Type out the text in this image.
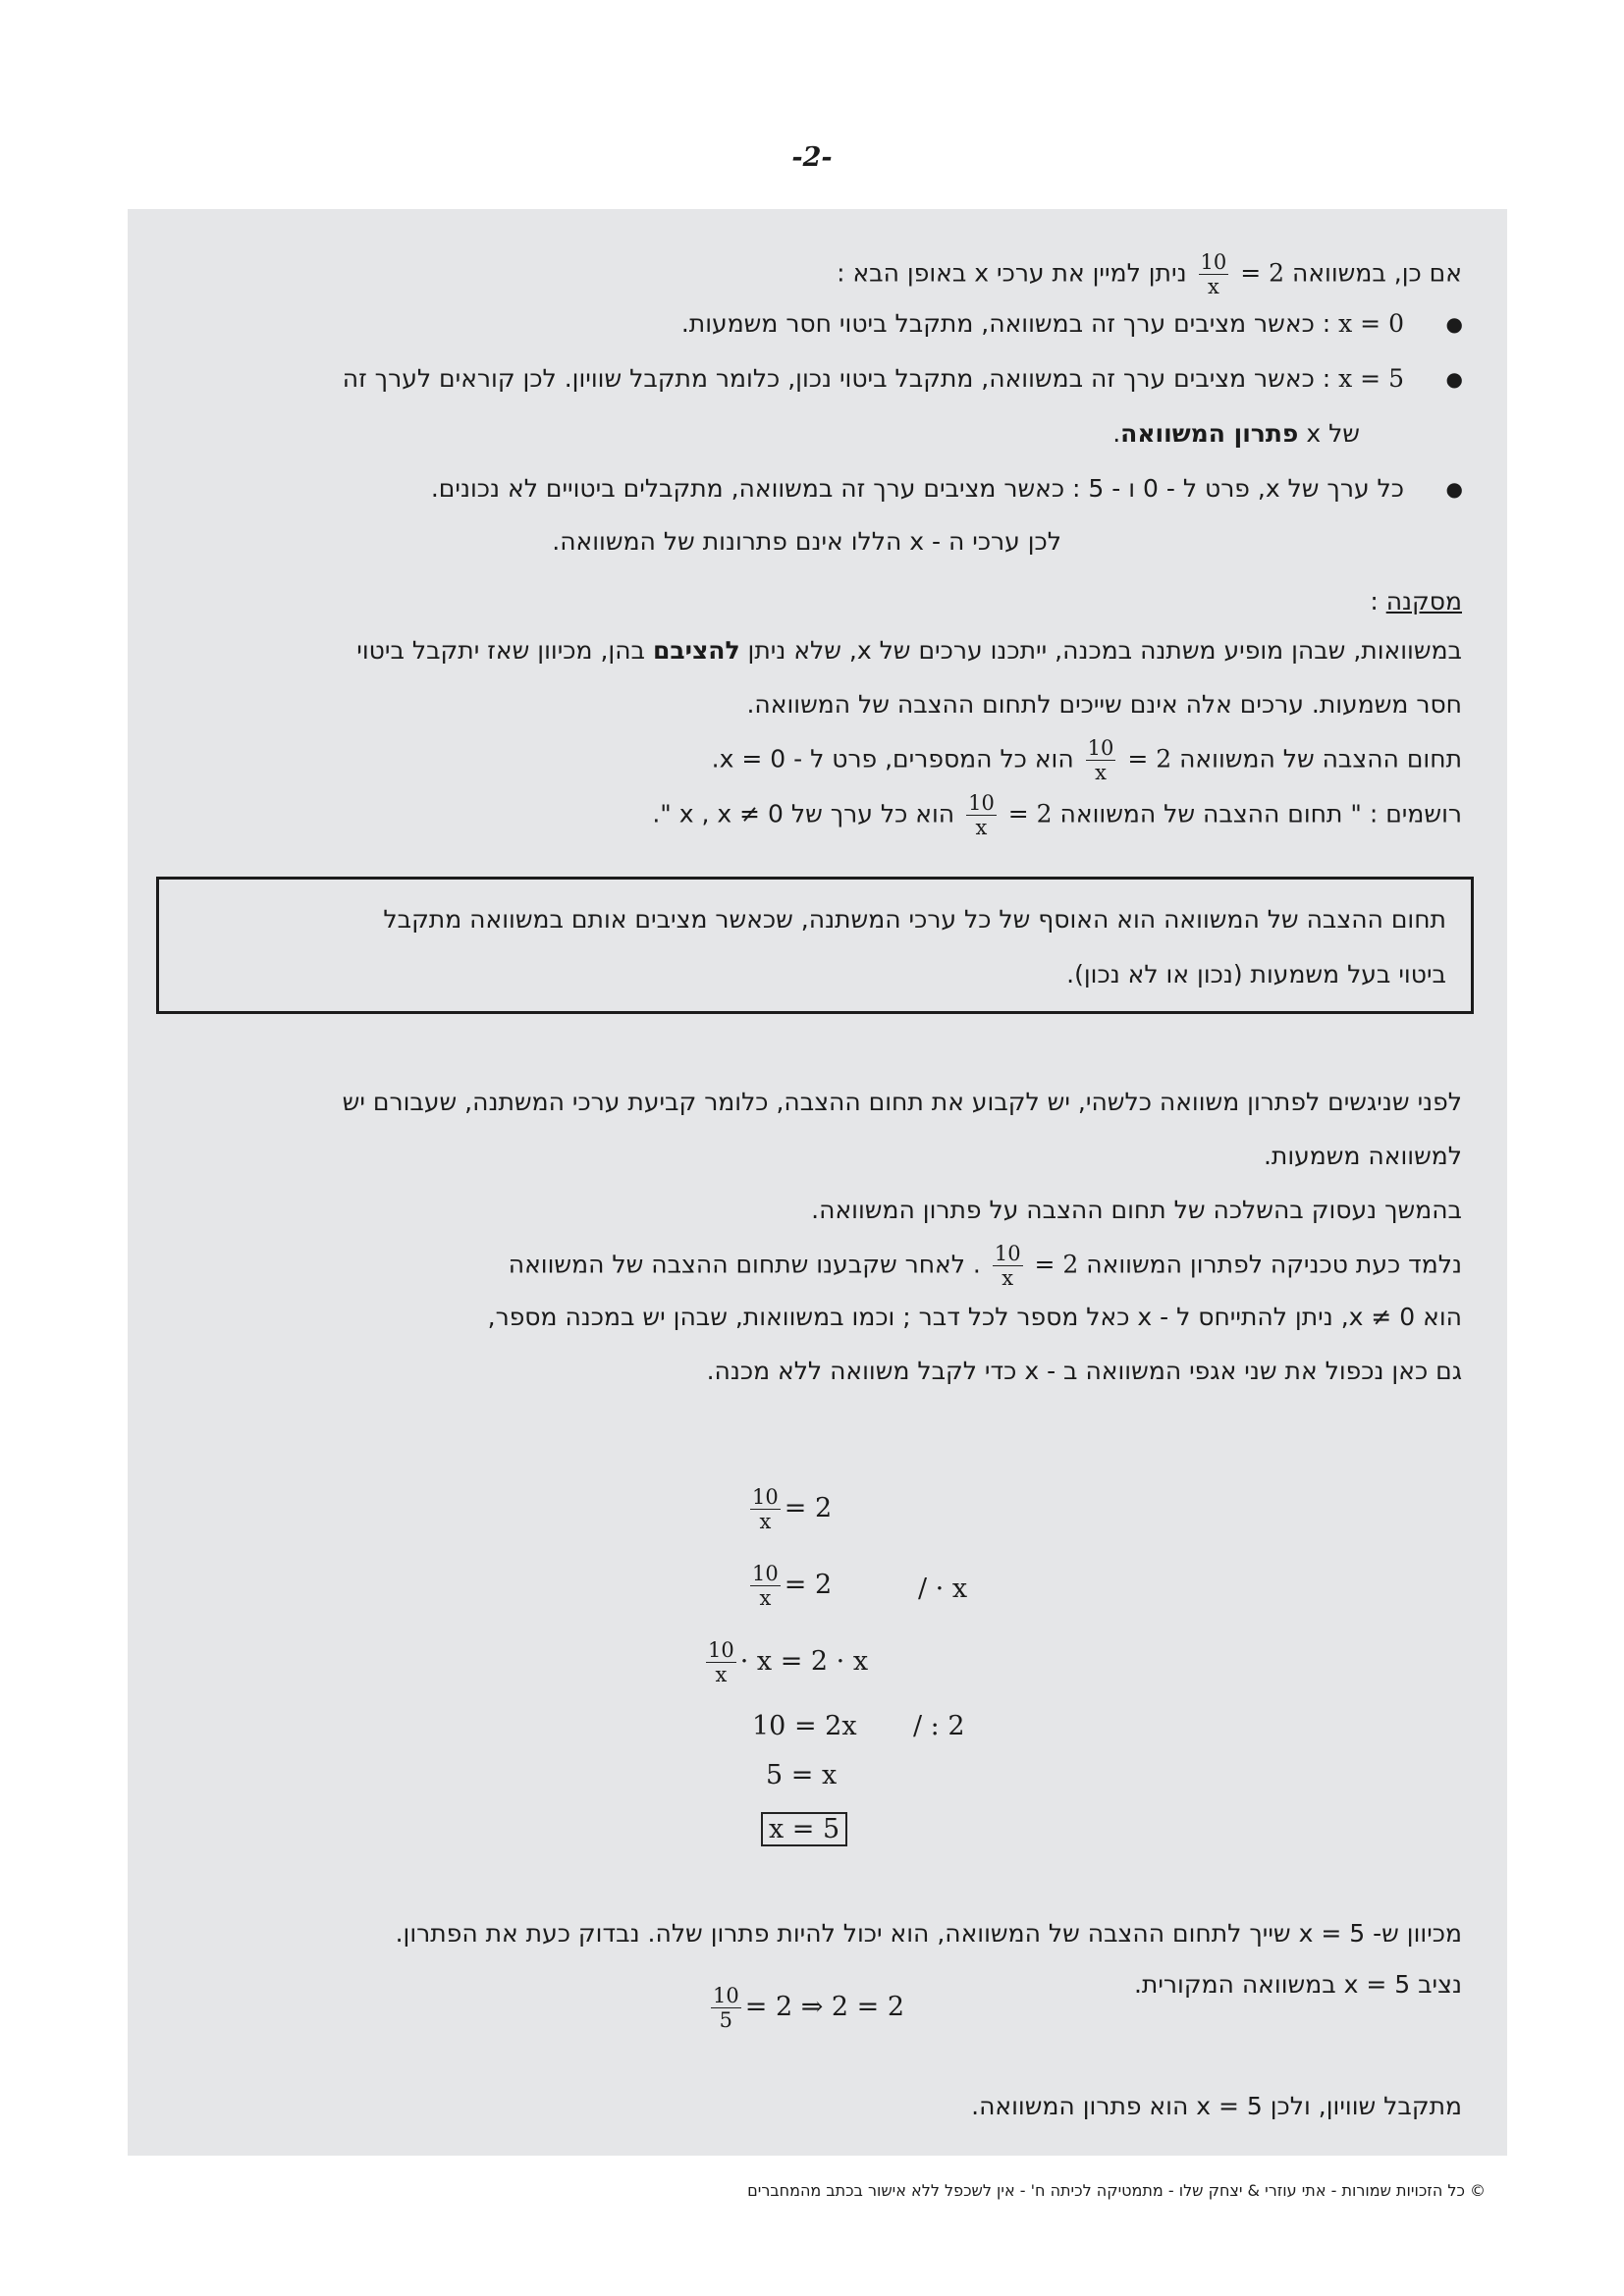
-2-
אם כן, במשוואה 2 =
$\frac{10}{x}$
ניתן למיין את ערכי x באופן הבא :
●
x = 0 : כאשר מציבים ערך זה במשוואה, מתקבל ביטוי חסר משמעות.
●
x = 5 : כאשר מציבים ערך זה במשוואה, מתקבל ביטוי נכון, כלומר מתקבל שוויון. לכן קוראים לערך זה
של x פתרון המשוואה.
●
כל ערך של x, פרט ל - 0 ו - 5 : כאשר מציבים ערך זה במשוואה, מתקבלים ביטויים לא נכונים.
לכן ערכי ה - x הללו אינם פתרונות של המשוואה.
מסקנה :
במשוואות, שבהן מופיע משתנה במכנה, ייתכנו ערכים של x, שלא ניתן להציבם בהן, מכיוון שאז יתקבל ביטוי
חסר משמעות. ערכים אלה אינם שייכים לתחום ההצבה של המשוואה.
תחום ההצבה של המשוואה 2 =
$\frac{10}{x}$
הוא כל המספרים, פרט ל - x = 0.
רושמים : " תחום ההצבה של המשוואה 2 =
$\frac{10}{x}$
הוא כל ערך של x , x ≠ 0 ".
תחום ההצבה של המשוואה הוא האוסף של כל ערכי המשתנה, שכאשר מציבים אותם במשוואה מתקבל
ביטוי בעל משמעות (נכון או לא נכון).
לפני שניגשים לפתרון משוואה כלשהי, יש לקבוע את תחום ההצבה, כלומר קביעת ערכי המשתנה, שעבורם יש
למשוואה משמעות.
בהמשך נעסוק בהשלכה של תחום ההצבה על פתרון המשוואה.
נלמד כעת טכניקה לפתרון המשוואה 2 =
$\frac{10}{x}$
. לאחר שקבענו שתחום ההצבה של המשוואה
הוא x ≠ 0, ניתן להתייחס ל - x כאל מספר לכל דבר ; וכמו במשוואות, שבהן יש במכנה מספר,
גם כאן נכפול את שני אגפי המשוואה ב - x כדי לקבל משוואה ללא מכנה.
$\frac{10}{x} = 2$
$\frac{10}{x} = 2$	/ · x
$\frac{10}{x} \cdot x = 2 \cdot x$
10 = 2x / : 2
5 = x
x = 5
מכיוון ש- x = 5 שייך לתחום ההצבה של המשוואה, הוא יכול להיות פתרון שלה. נבדוק כעת את הפתרון.
נציב x = 5 במשוואה המקורית.
$\frac{10}{5} = 2$ ⇒ 2 = 2
מתקבל שוויון, ולכן x = 5 הוא פתרון המשוואה.
© כל הזכויות שמורות - אתי עוזרי & יצחק שלו - מתמטיקה לכיתה ח' - אין לשכפל ללא אישור בכתב מהמחברים
